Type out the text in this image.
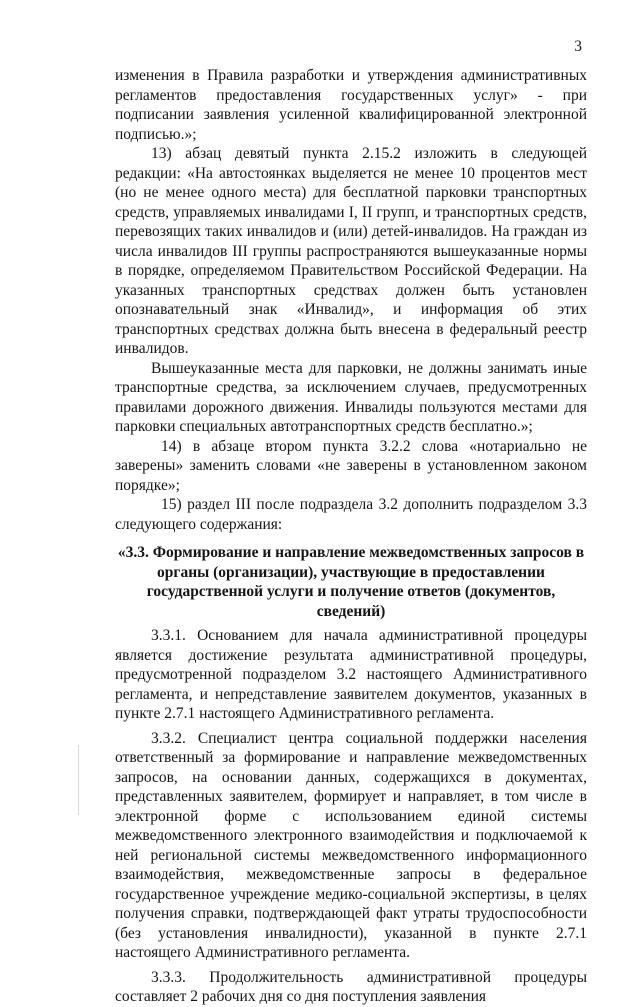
3

изменения в Правила разработки и утверждения административных регламентов предоставления государственных услуг» - при подписании заявления усиленной квалифицированной электронной подписью.»;

13) абзац девятый пункта 2.15.2 изложить в следующей редакции: «На автостоянках выделяется не менее 10 процентов мест (но не менее одного места) для бесплатной парковки транспортных средств, управляемых инвалидами I, II групп, и транспортных средств, перевозящих таких инвалидов и (или) детей-инвалидов. На граждан из числа инвалидов III группы распространяются вышеуказанные нормы в порядке, определяемом Правительством Российской Федерации. На указанных транспортных средствах должен быть установлен опознавательный знак «Инвалид», и информация об этих транспортных средствах должна быть внесена в федеральный реестр инвалидов.

Вышеуказанные места для парковки, не должны занимать иные транспортные средства, за исключением случаев, предусмотренных правилами дорожного движения. Инвалиды пользуются местами для парковки специальных автотранспортных средств бесплатно.»;

14) в абзаце втором пункта 3.2.2 слова «нотариально не заверены» заменить словами «не заверены в установленном законом порядке»;

15) раздел III после подраздела 3.2 дополнить подразделом 3.3 следующего содержания:

«3.3. Формирование и направление межведомственных запросов в органы (организации), участвующие в предоставлении государственной услуги и получение ответов (документов, сведений)

3.3.1. Основанием для начала административной процедуры является достижение результата административной процедуры, предусмотренной подразделом 3.2 настоящего Административного регламента, и непредставление заявителем документов, указанных в пункте 2.7.1 настоящего Административного регламента.

3.3.2. Специалист центра социальной поддержки населения ответственный за формирование и направление межведомственных запросов, на основании данных, содержащихся в документах, представленных заявителем, формирует и направляет, в том числе в электронной форме с использованием единой системы межведомственного электронного взаимодействия и подключаемой к ней региональной системы межведомственного информационного взаимодействия, межведомственные запросы в федеральное государственное учреждение медико-социальной экспертизы, в целях получения справки, подтверждающей факт утраты трудоспособности (без установления инвалидности), указанной в пункте 2.7.1 настоящего Административного регламента.

3.3.3. Продолжительность административной процедуры составляет 2 рабочих дня со дня поступления заявления
